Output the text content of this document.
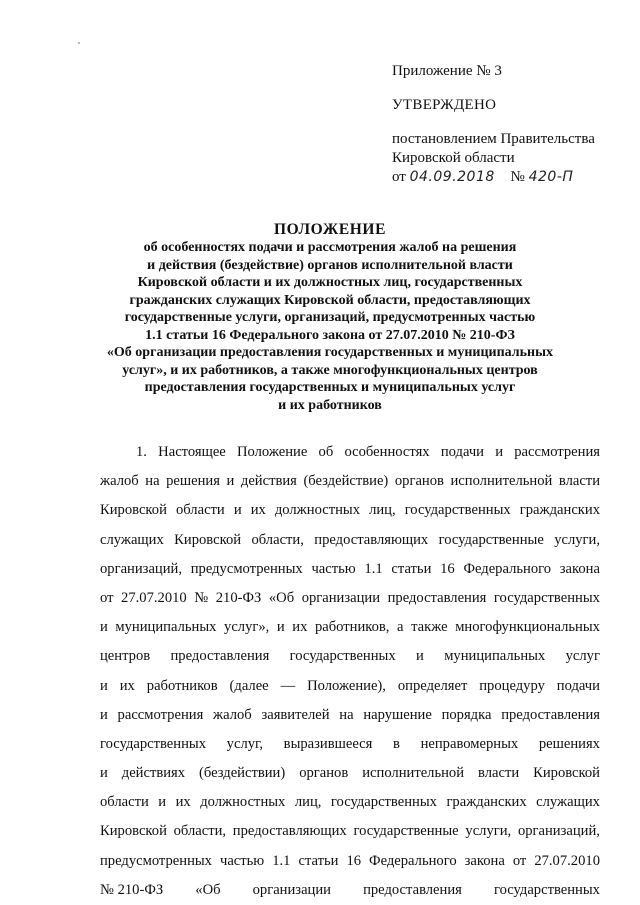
Приложение № 3
УТВЕРЖДЕНО
постановлением Правительства
Кировской области
от 04.09.2018 № 420-П
ПОЛОЖЕНИЕ
об особенностях подачи и рассмотрения жалоб на решения
и действия (бездействие) органов исполнительной власти
Кировской области и их должностных лиц, государственных
гражданских служащих Кировской области, предоставляющих
государственные услуги, организаций, предусмотренных частью
1.1 статьи 16 Федерального закона от 27.07.2010 № 210-ФЗ
«Об организации предоставления государственных и муниципальных
услуг», и их работников, а также многофункциональных центров
предоставления государственных и муниципальных услуг
и их работников
1. Настоящее Положение об особенностях подачи и рассмотрения
жалоб на решения и действия (бездействие) органов исполнительной власти
Кировской области и их должностных лиц, государственных гражданских
служащих Кировской области, предоставляющих государственные услуги,
организаций, предусмотренных частью 1.1 статьи 16 Федерального закона
от 27.07.2010 № 210-ФЗ «Об организации предоставления государственных
и муниципальных услуг», и их работников, а также многофункциональных
центров предоставления государственных и муниципальных услуг
и их работников (далее — Положение), определяет процедуру подачи
и рассмотрения жалоб заявителей на нарушение порядка предоставления
государственных услуг, выразившееся в неправомерных решениях
и действиях (бездействии) органов исполнительной власти Кировской
области и их должностных лиц, государственных гражданских служащих
Кировской области, предоставляющих государственные услуги, организаций,
предусмотренных частью 1.1 статьи 16 Федерального закона от 27.07.2010
№ 210-ФЗ «Об организации предоставления государственных
